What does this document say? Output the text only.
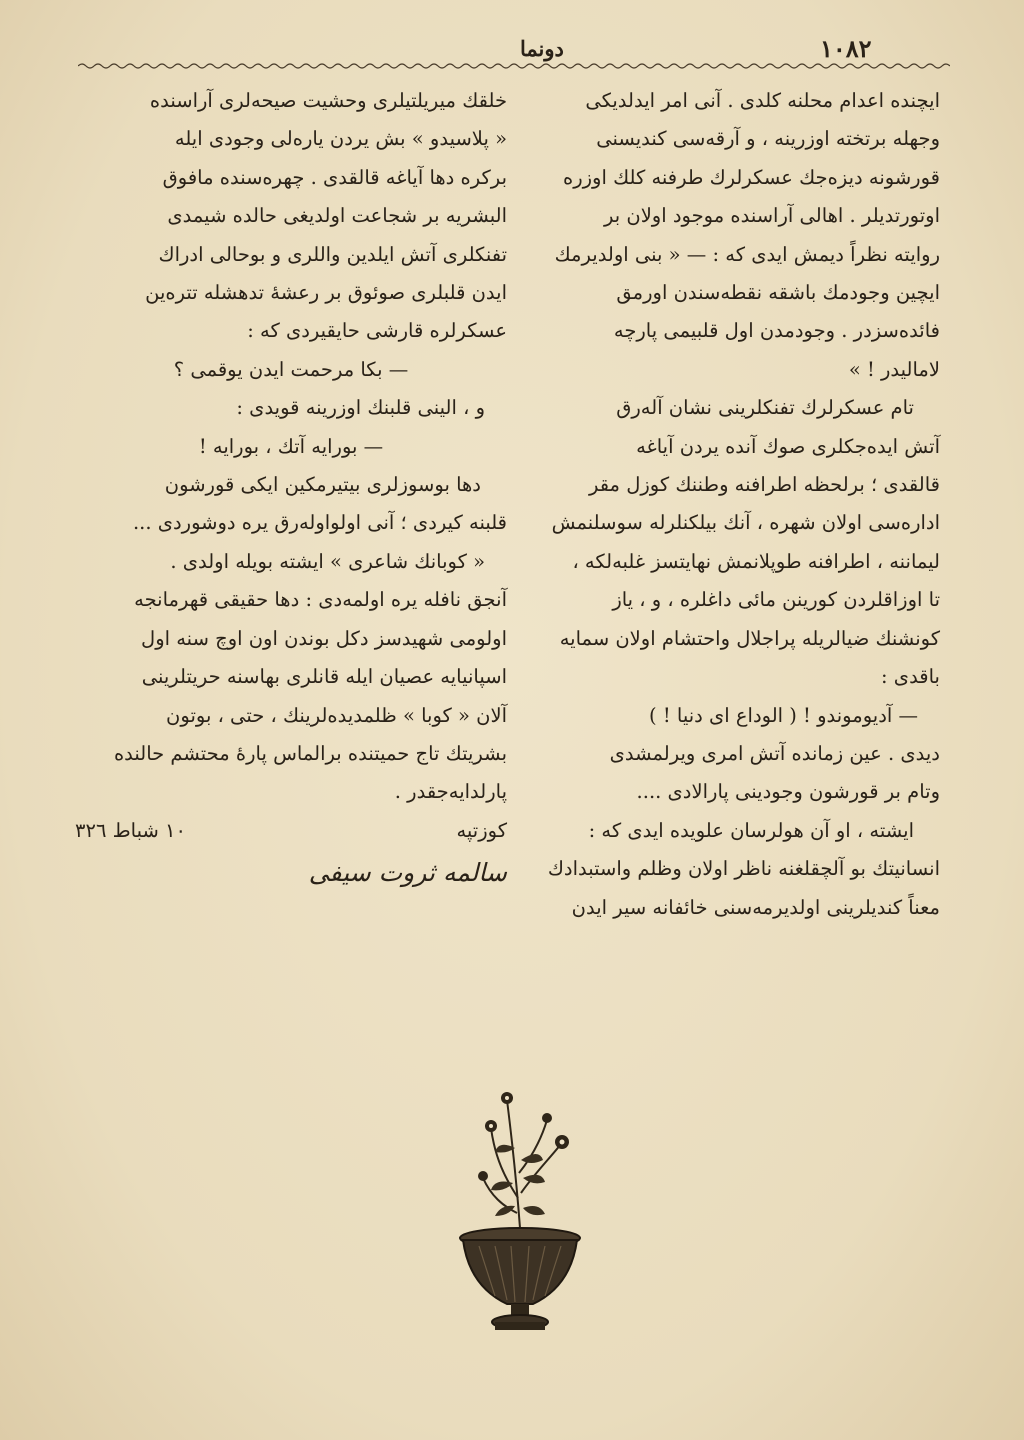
١٠٨٢
دونما

ایچنده اعدام محلنه کلدی . آنی امر ایدلدیکی

وجهله برتخته اوزرینه ، و آرقه‌سی کندیسنی

قورشونه دیزه‌جك عسکرلرك طرفنه کلك اوزره

اوتورتدیلر . اهالی آراسنده موجود اولان بر

روایته نظراً دیمش ایدی که : — « بنی اولدیرمك

ایچین وجودمك باشقه نقطه‌سندن اورمق

فائده‌سزدر . وجودمدن اول قلبیمی پارچه‌

لامالیدر ! »

تام عسکرلرك تفنکلرینی نشان آله‌رق

آتش ایده‌جکلری صوك آنده یردن آیاغه

قالقدی ؛ برلحظه اطرافنه وطننك کوزل مقر

اداره‌سی اولان شهره ، آنك بیلکنلرله سوسلنمش

لیماننه ، اطرافنه طوپلانمش نهایتسز غلبه‌لکه ،

تا اوزاقلردن کورینن مائی داغلره ، و ، یاز

کونشنك ضیالریله پراجلال واحتشام اولان سمایه

باقدی :

— آدیوموندو ! ( الوداع ای دنیا ! )

دیدی . عین زمانده آتش امری ویرلمشدی

وتام بر قورشون وجودینی پارالادی ....

ایشته ، او آن هولرسان علویده ایدی که :

انسانیتك بو آلچقلغنه ناظر اولان وظلم واستبدادك

معناً کندیلرینی اولدیرمه‌سنی خائفانه سیر ایدن

خلقك میریلتیلری وحشیت صیحه‌لری آراسنده

« پلاسیدو » بش یردن یاره‌لی وجودی ایله

برکره دها آیاغه قالقدی . چهره‌سنده مافوق‌

البشریه بر شجاعت اولدیغی حالده شیمدی

تفنکلری آتش ایلدین واللری و بوحالی ادراك

ایدن قلبلری صوئوق بر رعشهٔ تدهشله تتره‌ین

عسکرلره قارشی حایقیردی که :

— بکا مرحمت ایدن یوقمی ؟

و ، الینی قلبنك اوزرینه قویدی :

— بورایه آتك ، بورایه !

دها بوسوزلری بیتیرمکین ایکی قورشون

قلبنه کیردی ؛ آنی اولواوله‌رق یره دوشوردی ...

« کوبانك شاعری » ایشته بویله اولدی .

آنجق نافله یره اولمه‌دی : دها حقیقی قهرمانجه

اولومی شهیدسز دکل بوندن اون اوچ سنه اول

اسپانیایه عصیان ایله قانلری بهاسنه حریتلرینی

آلان « کوبا » ظلمدیده‌لرینك ، حتی ، بوتون

بشریتك تاج حمیتنده برالماس پارهٔ محتشم حالنده

پارلدایه‌جقدر .

کوزتپه
١٠ شباط ٣٢٦

سالمه ثروت سیفی
